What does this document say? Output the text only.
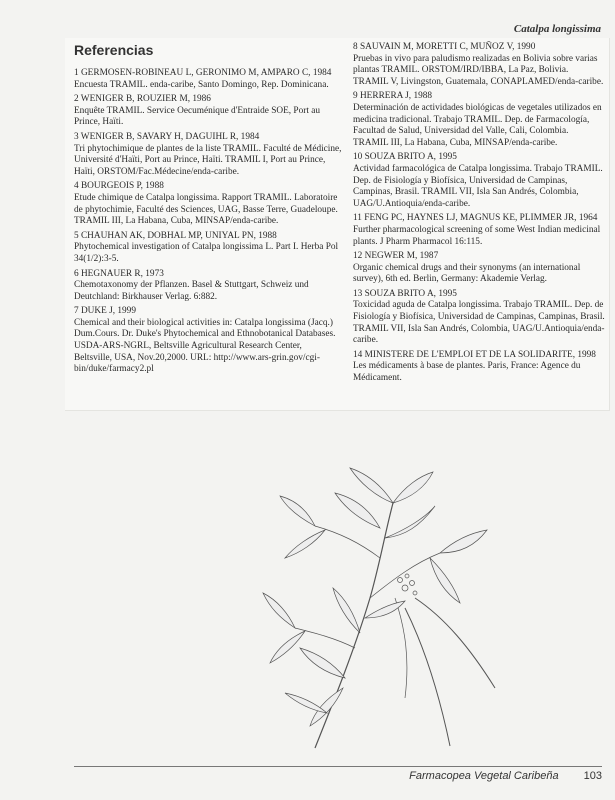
Catalpa longissima
Referencias
1 GERMOSEN-ROBINEAU L, GERONIMO M, AMPARO C, 1984
Encuesta TRAMIL. enda-caribe, Santo Domingo, Rep. Dominicana.
2 WENIGER B, ROUZIER M, 1986
Enquête TRAMIL. Service Oecuménique d'Entraide SOE, Port au Prince, Haïti.
3 WENIGER B, SAVARY H, DAGUIHL R, 1984
Tri phytochimique de plantes de la liste TRAMIL. Faculté de Médicine, Université d'Haïti, Port au Prince, Haïti. TRAMIL I, Port au Prince, Haïti, ORSTOM/Fac.Médecine/enda-caribe.
4 BOURGEOIS P, 1988
Etude chimique de Catalpa longissima. Rapport TRAMIL. Laboratoire de phytochimie, Faculté des Sciences, UAG, Basse Terre, Guadeloupe. TRAMIL III, La Habana, Cuba, MINSAP/enda-caribe.
5 CHAUHAN AK, DOBHAL MP, UNIYAL PN, 1988
Phytochemical investigation of Catalpa longissima L. Part I. Herba Pol 34(1/2):3-5.
6 HEGNAUER R, 1973
Chemotaxonomy der Pflanzen. Basel & Stuttgart, Schweiz und Deutchland: Birkhauser Verlag. 6:882.
7 DUKE J, 1999
Chemical and their biological activities in: Catalpa longissima (Jacq.) Dum.Cours. Dr. Duke's Phytochemical and Ethnobotanical Databases. USDA-ARS-NGRL, Beltsville Agricultural Research Center, Beltsville, USA, Nov.20,2000. URL: http://www.ars-grin.gov/cgi-bin/duke/farmacy2.pl
8 SAUVAIN M, MORETTI C, MUÑOZ V, 1990
Pruebas in vivo para paludismo realizadas en Bolivia sobre varias plantas TRAMIL. ORSTOM/IRD/IBBA, La Paz, Bolivia. TRAMIL V, Livingston, Guatemala, CONAPLAMED/enda-caribe.
9 HERRERA J, 1988
Determinación de actividades biológicas de vegetales utilizados en medicina tradicional. Trabajo TRAMIL. Dep. de Farmacología, Facultad de Salud, Universidad del Valle, Cali, Colombia. TRAMIL III, La Habana, Cuba, MINSAP/enda-caribe.
10 SOUZA BRITO A, 1995
Actividad farmacológica de Catalpa longissima. Trabajo TRAMIL. Dep. de Fisiología y Biofísica, Universidad de Campinas, Campinas, Brasil. TRAMIL VII, Isla San Andrés, Colombia, UAG/U.Antioquia/enda-caribe.
11 FENG PC, HAYNES LJ, MAGNUS KE, PLIMMER JR, 1964
Further pharmacological screening of some West Indian medicinal plants. J Pharm Pharmacol 16:115.
12 NEGWER M, 1987
Organic chemical drugs and their synonyms (an international survey), 6th ed. Berlin, Germany: Akademie Verlag.
13 SOUZA BRITO A, 1995
Toxicidad aguda de Catalpa longissima. Trabajo TRAMIL. Dep. de Fisiología y Biofísica, Universidad de Campinas, Campinas, Brasil. TRAMIL VII, Isla San Andrés, Colombia, UAG/U.Antioquia/enda-caribe.
14 MINISTERE DE L'EMPLOI ET DE LA SOLIDARITE, 1998
Les médicaments à base de plantes. Paris, France: Agence du Médicament.
Farmacopea Vegetal Caribeña 103
